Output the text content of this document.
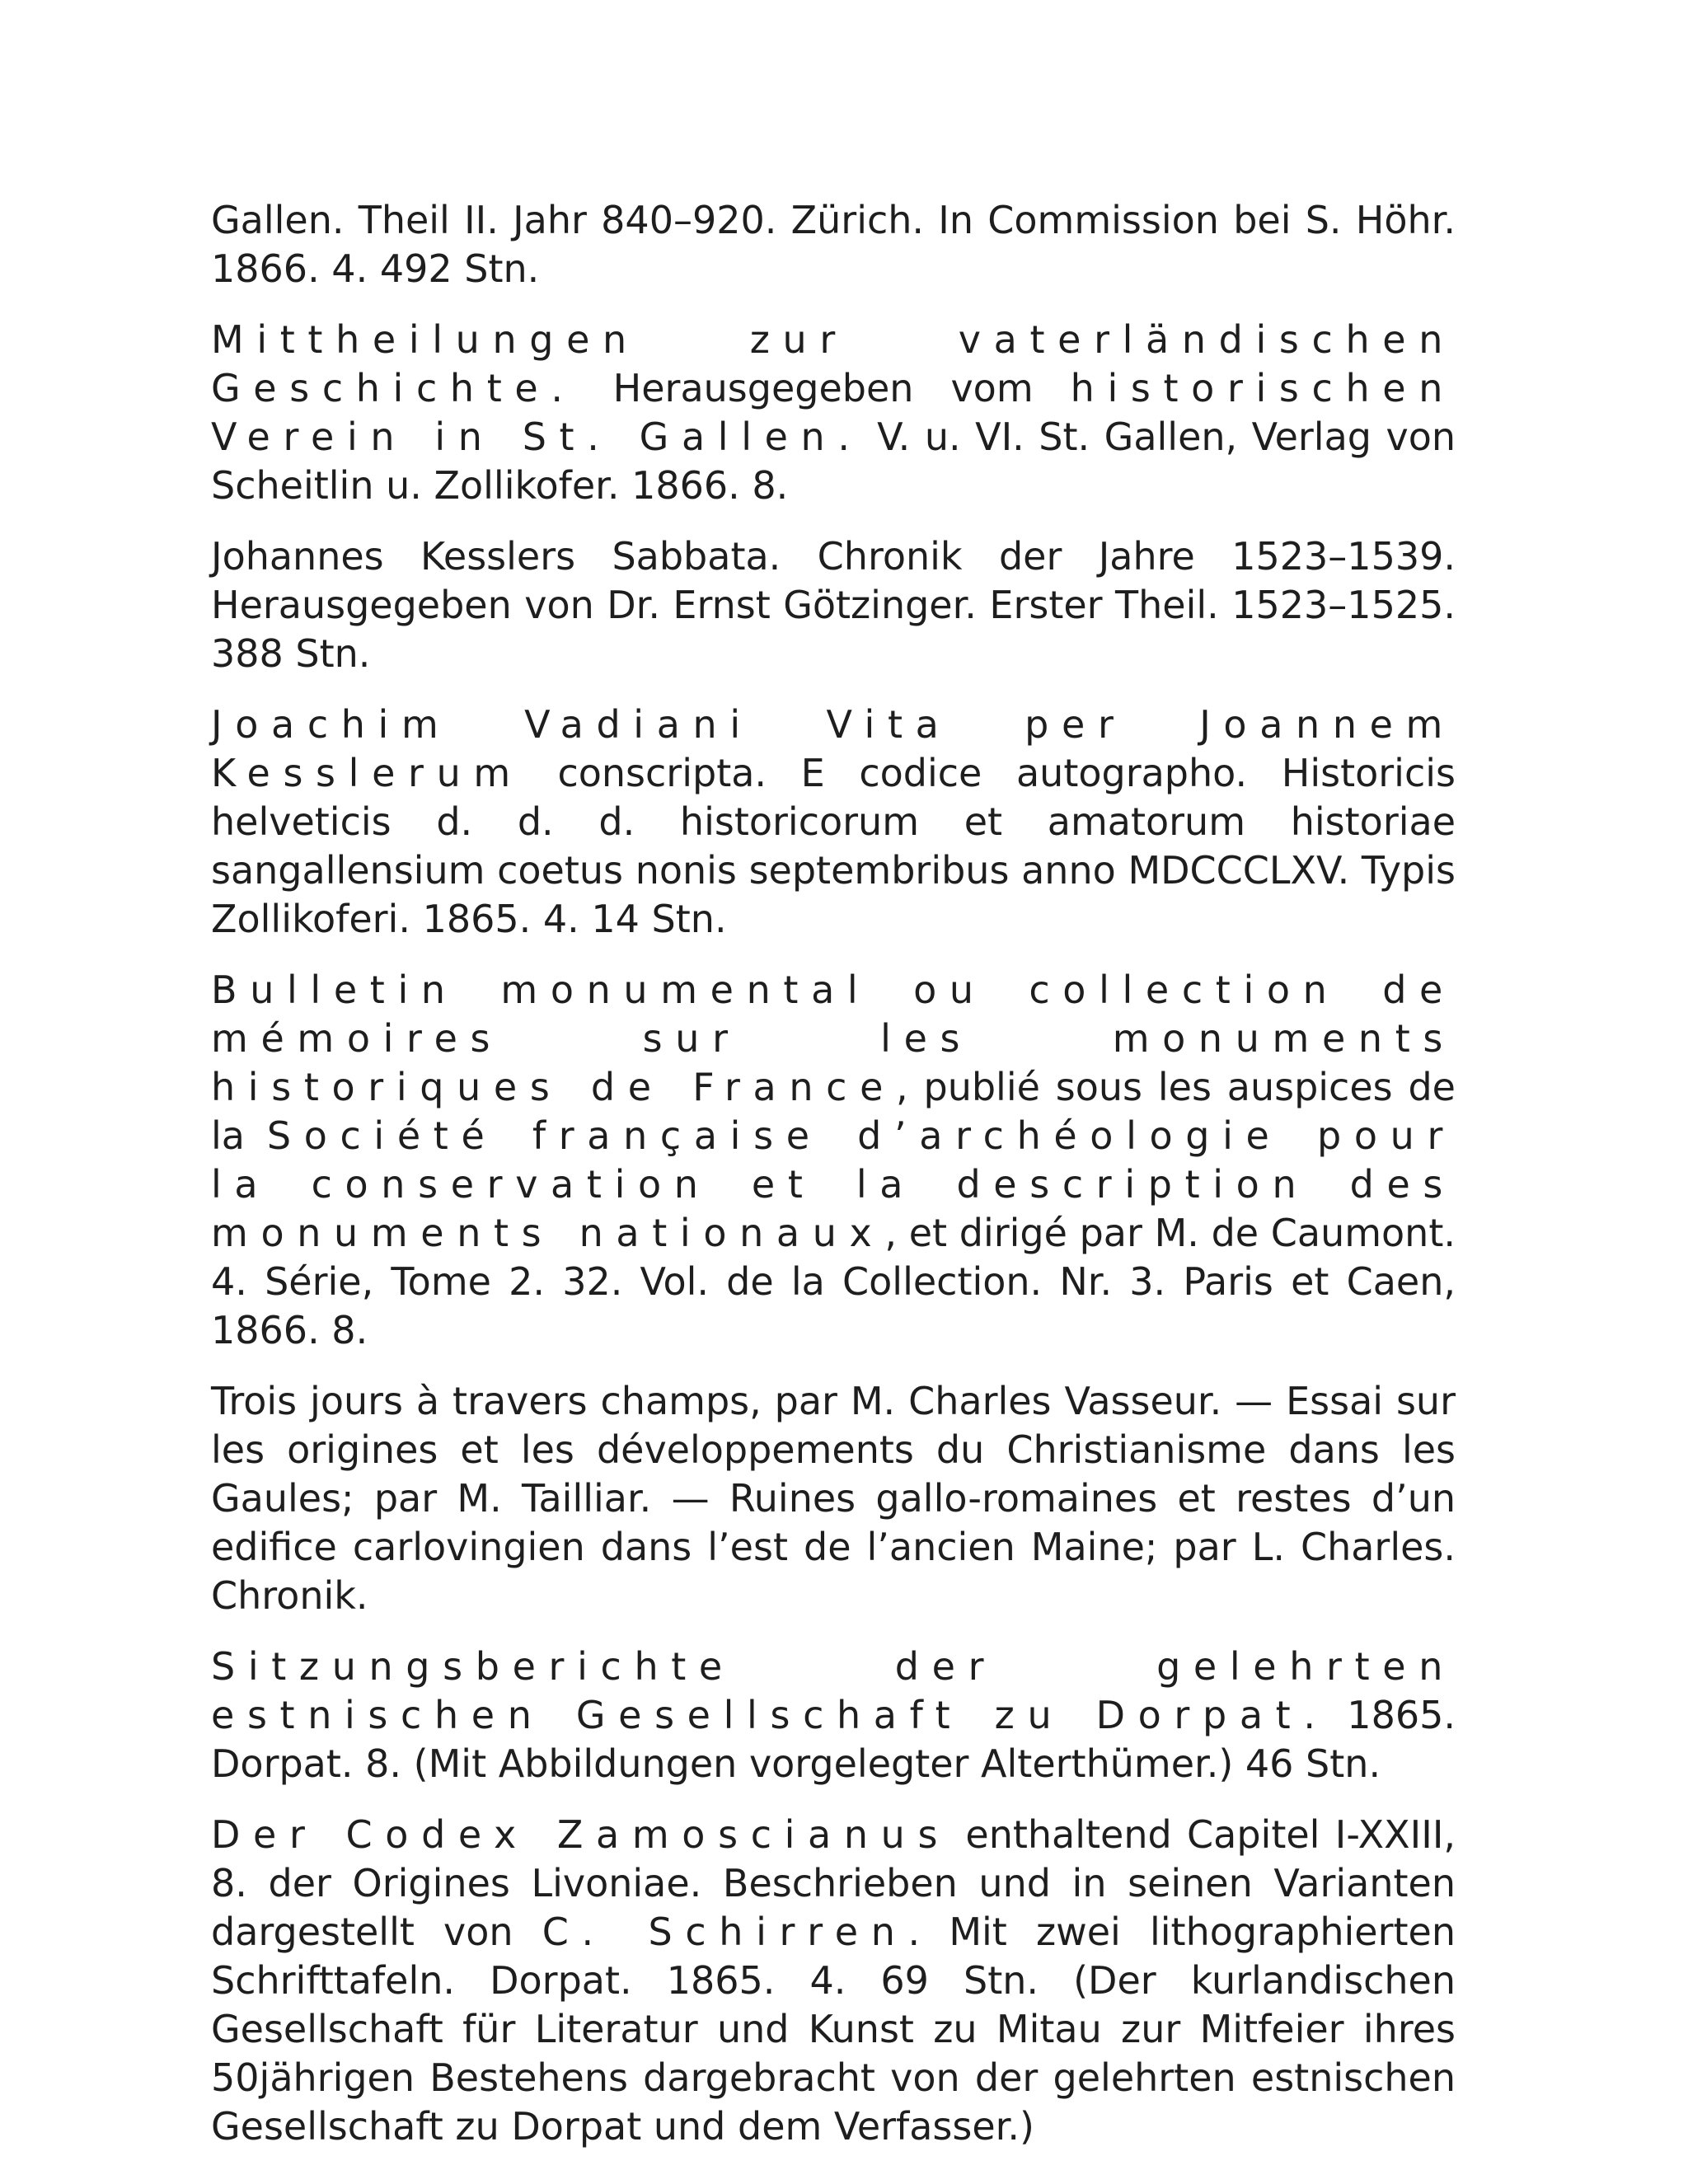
Gallen. Theil II. Jahr 840–920. Zürich. In Commission bei S. Höhr. 1866. 4. 492 Stn.

Mittheilungen zur vaterländischen Geschichte. Herausgegeben vom historischen Verein in St. Gallen. V. u. VI. St. Gallen, Verlag von Scheitlin u. Zollikofer. 1866. 8.

Johannes Kesslers Sabbata. Chronik der Jahre 1523–1539. Herausgegeben von Dr. Ernst Götzinger. Erster Theil. 1523–1525. 388 Stn.

Joachim Vadiani Vita per Joannem Kesslerum conscripta. E codice autographo. Historicis helveticis d. d. d. historicorum et amatorum historiae sangallensium coetus nonis septembribus anno MDCCCLXV. Typis Zollikoferi. 1865. 4. 14 Stn.

Bulletin monumental ou collection de mémoires sur les monuments historiques de France, publié sous les auspices de la Société française d’archéologie pour la conservation et la description des monuments nationaux, et dirigé par M. de Caumont. 4. Série, Tome 2. 32. Vol. de la Collection. Nr. 3. Paris et Caen, 1866. 8.

Trois jours à travers champs, par M. Charles Vasseur. — Essai sur les origines et les développements du Christianisme dans les Gaules; par M. Tailliar. — Ruines gallo-romaines et restes d’un edifice carlovingien dans l’est de l’ancien Maine; par L. Charles. Chronik.

Sitzungsberichte der gelehrten estnischen Gesellschaft zu Dorpat. 1865. Dorpat. 8. (Mit Abbildungen vorgelegter Alterthümer.) 46 Stn.

Der Codex Zamoscianus enthaltend Capitel I-XXIII, 8. der Origines Livoniae. Beschrieben und in seinen Varianten dargestellt von C. Schirren. Mit zwei lithographierten Schrifttafeln. Dorpat. 1865. 4. 69 Stn. (Der kurlandischen Gesellschaft für Literatur und Kunst zu Mitau zur Mitfeier ihres 50jährigen Bestehens dargebracht von der gelehrten estnischen Gesellschaft zu Dorpat und dem Verfasser.)
